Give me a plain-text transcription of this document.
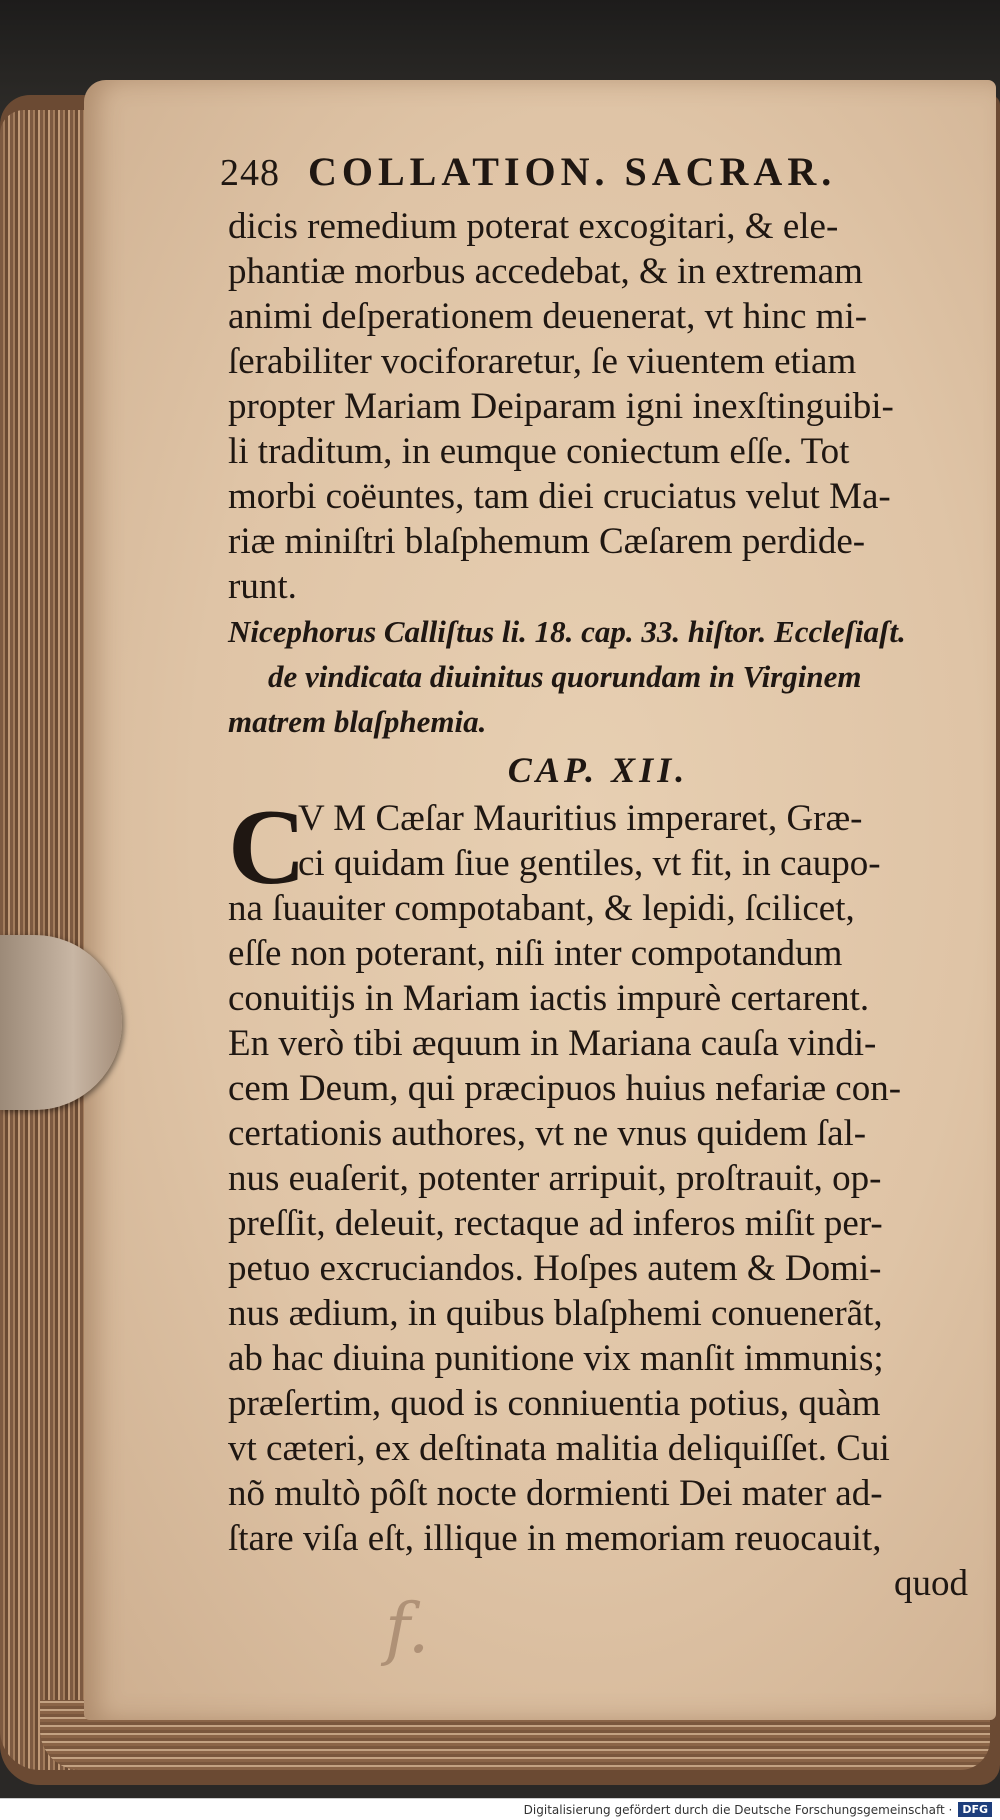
248 COLLATION. SACRAR.
dicis remedium poterat excogitari, & ele-
phantiæ morbus accedebat, & in extremam
animi deſperationem deuenerat, vt hinc mi-
ſerabiliter vociforaretur, ſe viuentem etiam
propter Mariam Deiparam igni inexſtinguibi-
li traditum, in eumque coniectum eſſe. Tot
morbi coëuntes, tam diei cruciatus velut Ma-
riæ miniſtri blaſphemum Cæſarem perdide-
runt.
Nicephorus Calliſtus li. 18. cap. 33. hiſtor. Eccleſiaſt.
de vindicata diuinitus quorundam in Virginem
matrem blaſphemia.
CAP. XII.
C
V M Cæſar Mauritius imperaret, Græ-
ci quidam ſiue gentiles, vt fit, in caupo-
na ſuauiter compotabant, & lepidi, ſcilicet,
eſſe non poterant, niſi inter compotandum
conuitijs in Mariam iactis impurè certarent.
En verò tibi æquum in Mariana cauſa vindi-
cem Deum, qui præcipuos huius nefariæ con-
certationis authores, vt ne vnus quidem ſal-
nus euaſerit, potenter arripuit, proſtrauit, op-
preſſit, deleuit, rectaque ad inferos miſit per-
petuo excruciandos. Hoſpes autem & Domi-
nus ædium, in quibus blaſphemi conuenerãt,
ab hac diuina punitione vix manſit immunis;
præſertim, quod is conniuentia potius, quàm
vt cæteri, ex deſtinata malitia deliquiſſet. Cui
nõ multò pôſt nocte dormienti Dei mater ad-
ſtare viſa eſt, illique in memoriam reuocauit,
quod
f.
Digitalisierung gefördert durch die Deutsche Forschungsgemeinschaft · DFG
